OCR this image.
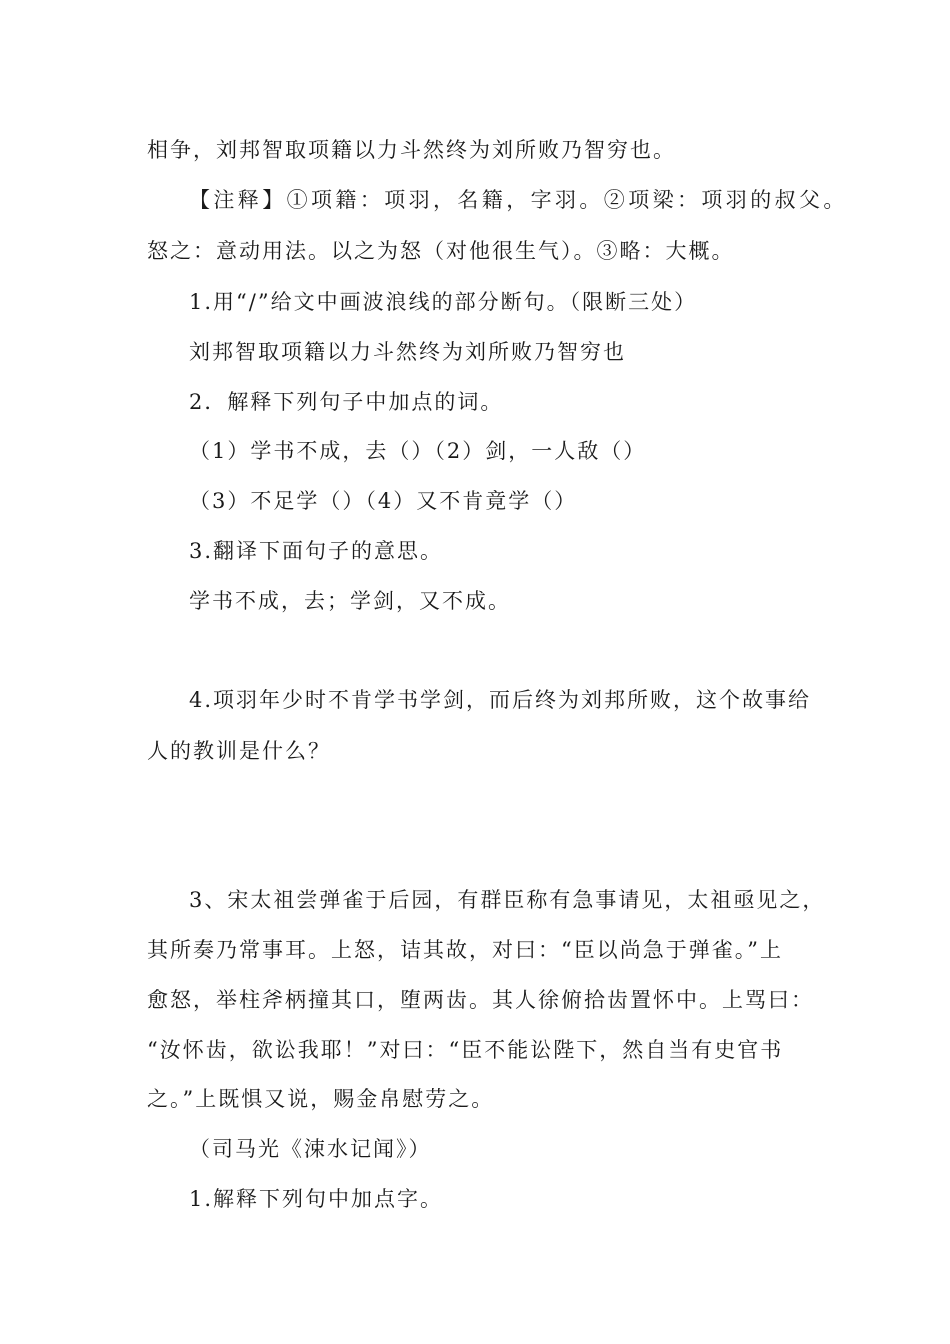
相争，刘邦智取项籍以力斗然终为刘所败乃智穷也。
【注释】①项籍：项羽，名籍，字羽。②项梁：项羽的叔父。
怒之：意动用法。以之为怒（对他很生气）。③略：大概。
1.用“/”给文中画波浪线的部分断句。（限断三处）
刘邦智取项籍以力斗然终为刘所败乃智穷也
2．解释下列句子中加点的词。
（1）学书不成，去（）（2）剑，一人敌（）
（3）不足学（）（4）又不肯竟学（）
3.翻译下面句子的意思。
学书不成，去；学剑，又不成。
4.项羽年少时不肯学书学剑，而后终为刘邦所败，这个故事给
人的教训是什么？
3、宋太祖尝弹雀于后园，有群臣称有急事请见，太祖亟见之，
其所奏乃常事耳。上怒，诘其故，对曰：“臣以尚急于弹雀。”上
愈怒，举柱斧柄撞其口，堕两齿。其人徐俯拾齿置怀中。上骂曰：
“汝怀齿，欲讼我耶！”对曰：“臣不能讼陛下，然自当有史官书
之。”上既惧又说，赐金帛慰劳之。
（司马光《涑水记闻》）
1.解释下列句中加点字。
